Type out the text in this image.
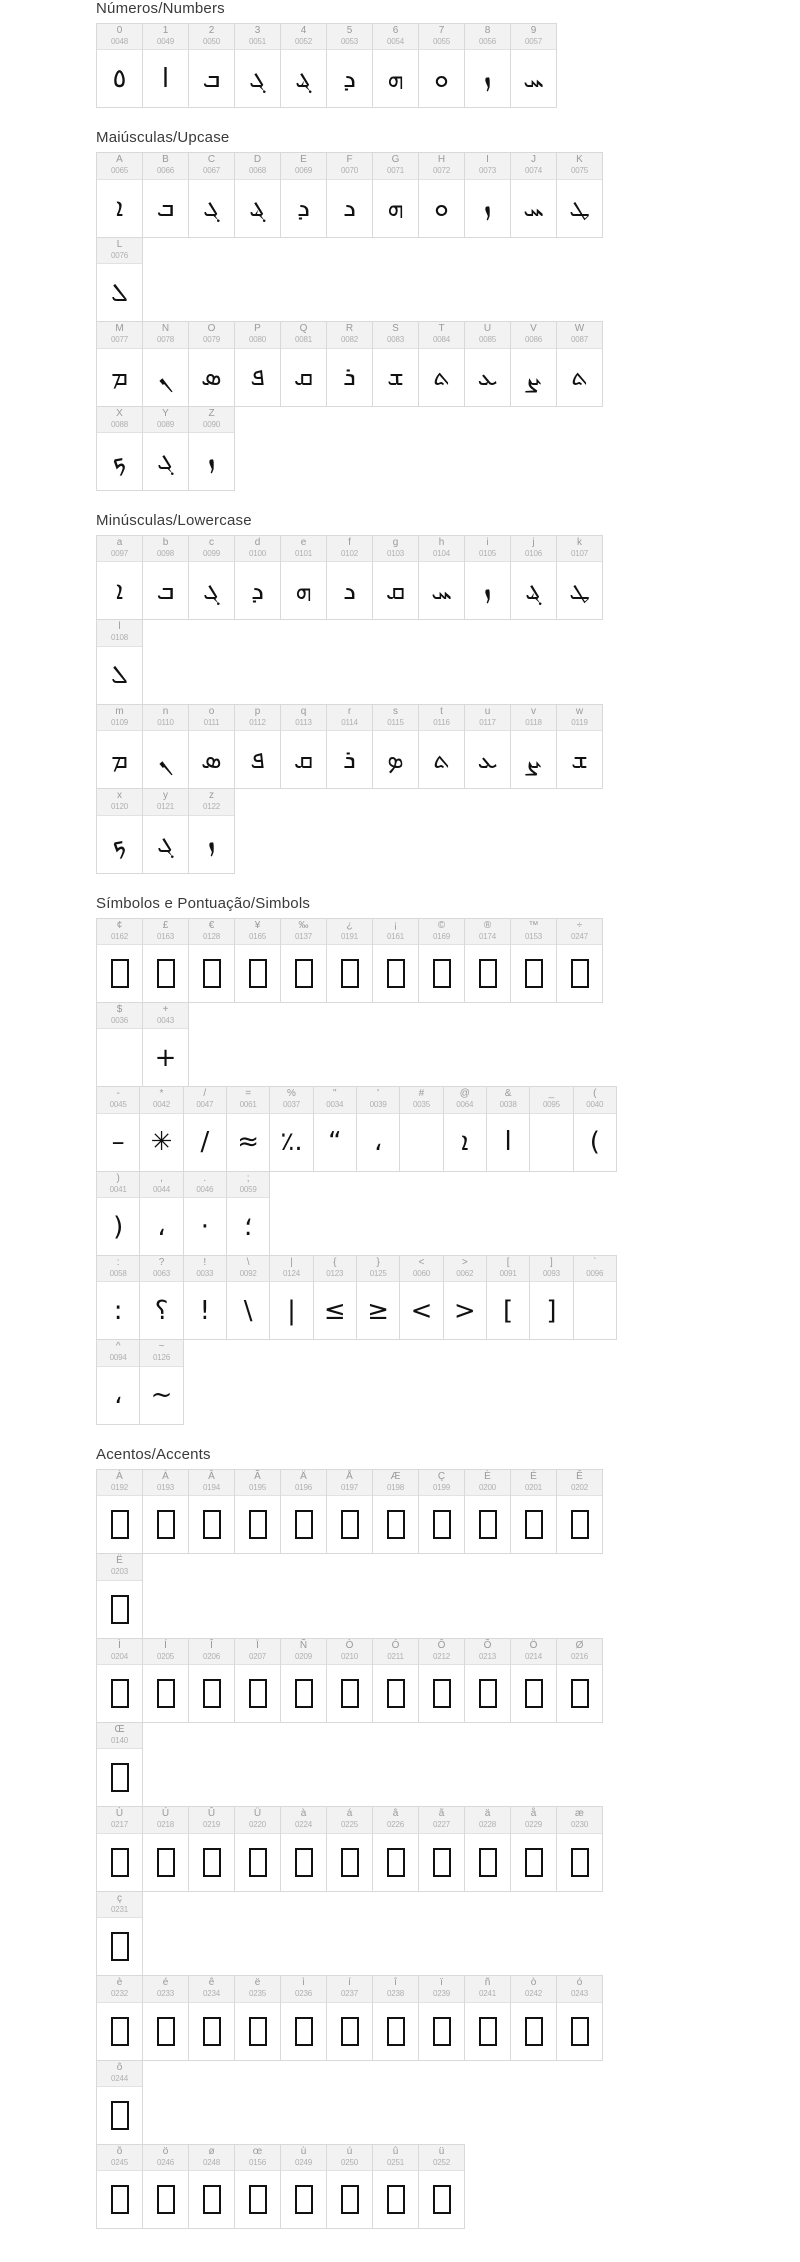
Números/Numbers
0
0048
٥
1
0049
ا
2
0050
ܒ
3
0051
ܓ
4
0052
ܔ
5
0053
ܕ
6
0054
ܗ
7
0055
ܘ
8
0056
ܙ
9
0057
ܚ
Maiúsculas/Upcase
A
0065
ܐ
B
0066
ܒ
C
0067
ܓ
D
0068
ܔ
E
0069
ܕ
F
0070
ܖ
G
0071
ܗ
H
0072
ܘ
I
0073
ܙ
J
0074
ܚ
K
0075
ܛ
L
0076
ܠ
M
0077
ܡ
N
0078
ܢ
O
0079
ܣ
P
0080
ܦ
Q
0081
ܩ
R
0082
ܪ
S
0083
ܫ
T
0084
ܬ
U
0085
ܥ
V
0086
ܨ
W
0087
ܬ
X
0088
ܟ
Y
0089
ܓ
Z
0090
ܙ
Minúsculas/Lowercase
a
0097
ܐ
b
0098
ܒ
c
0099
ܓ
d
0100
ܕ
e
0101
ܗ
f
0102
ܖ
g
0103
ܩ
h
0104
ܚ
i
0105
ܙ
j
0106
ܔ
k
0107
ܛ
l
0108
ܠ
m
0109
ܡ
n
0110
ܢ
o
0111
ܣ
p
0112
ܦ
q
0113
ܩ
r
0114
ܪ
s
0115
ܤ
t
0116
ܬ
u
0117
ܥ
v
0118
ܨ
w
0119
ܫ
x
0120
ܟ
y
0121
ܓ
z
0122
ܙ
Símbolos e Pontuação/Simbols
¢
0162
£
0163
€
0128
¥
0165
‰
0137
¿
0191
¡
0161
©
0169
®
0174
™
0153
÷
0247
$
0036
+
0043
+
-
0045
–
*
0042
✳
/
0047
/
=
0061
≈
%
0037
٪.
"
0034
“
'
0039
،
#
0035
@
0064
ܐ
&
0038
ا
_
0095
(
0040
(
)
0041
)
,
0044
،
.
0046
·
;
0059
؛
:
0058
:
?
0063
؟
!
0033
!
\
0092
\
|
0124
|
{
0123
≤
}
0125
≥
<
0060
<
>
0062
>
[
0091
[
]
0093
]
`
0096
^
0094
،
~
0126
~
Acentos/Accents
À
0192
Á
0193
Â
0194
Ã
0195
Ä
0196
Å
0197
Æ
0198
Ç
0199
È
0200
É
0201
Ê
0202
Ë
0203
Ì
0204
Í
0205
Î
0206
Ï
0207
Ñ
0209
Ò
0210
Ó
0211
Ô
0212
Õ
0213
Ö
0214
Ø
0216
Œ
0140
Ù
0217
Ú
0218
Û
0219
Ü
0220
à
0224
á
0225
â
0226
ã
0227
ä
0228
å
0229
æ
0230
ç
0231
è
0232
é
0233
ê
0234
ë
0235
ì
0236
í
0237
î
0238
ï
0239
ñ
0241
ò
0242
ó
0243
ô
0244
õ
0245
ö
0246
ø
0248
œ
0156
ù
0249
ú
0250
û
0251
ü
0252
